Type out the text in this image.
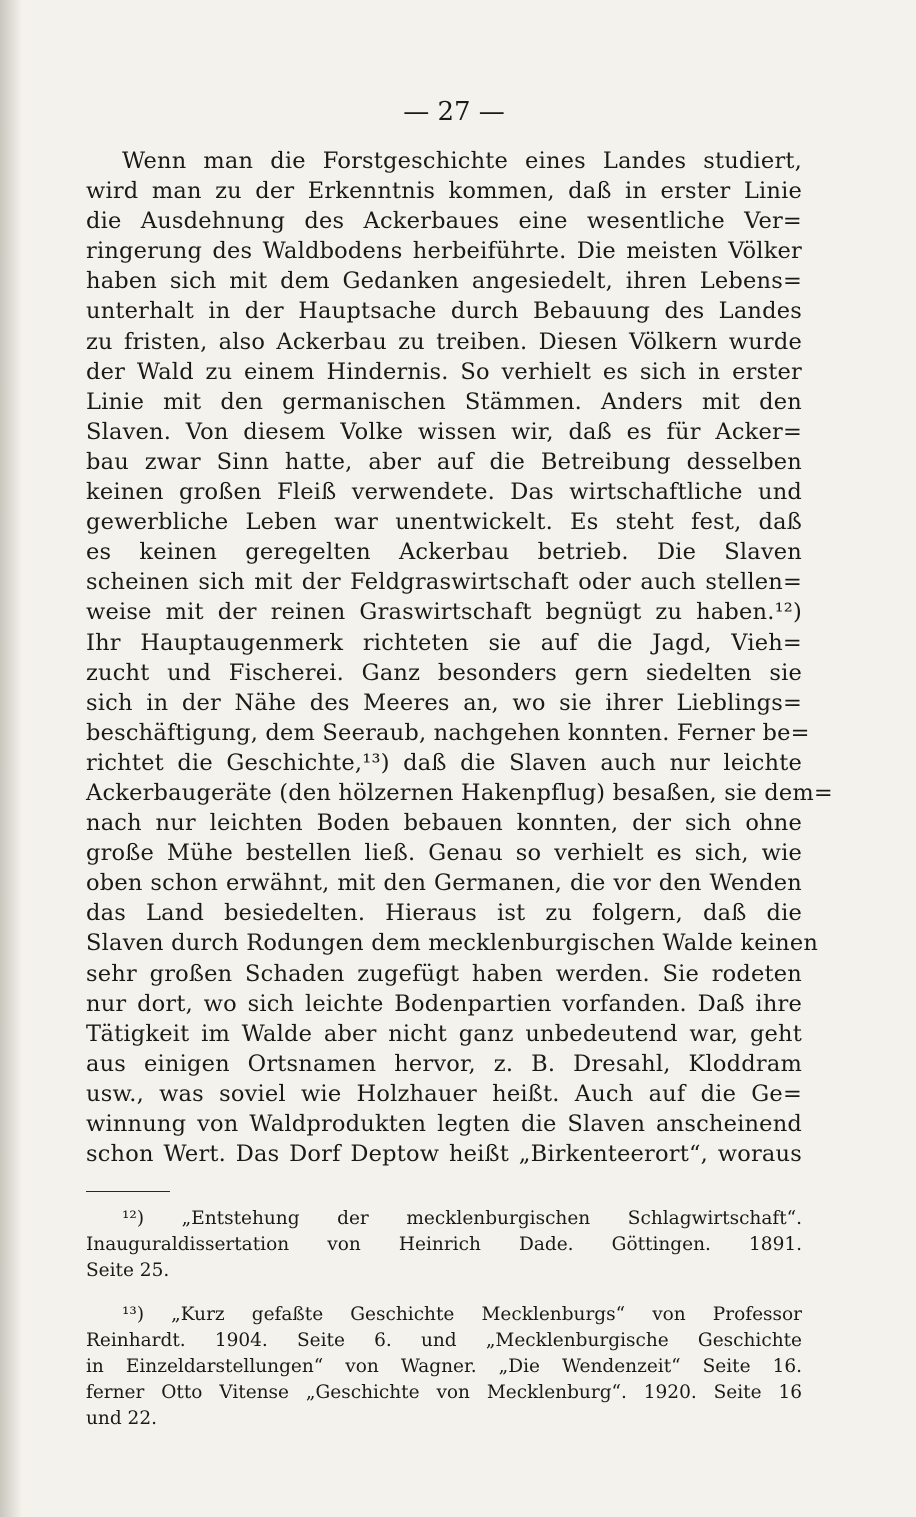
— 27 —
Wenn man die Forstgeschichte eines Landes studiert,
wird man zu der Erkenntnis kommen, daß in erster Linie
die Ausdehnung des Ackerbaues eine wesentliche Ver=
ringerung des Waldbodens herbeiführte. Die meisten Völker
haben sich mit dem Gedanken angesiedelt, ihren Lebens=
unterhalt in der Hauptsache durch Bebauung des Landes
zu fristen, also Ackerbau zu treiben. Diesen Völkern wurde
der Wald zu einem Hindernis. So verhielt es sich in erster
Linie mit den germanischen Stämmen. Anders mit den
Slaven. Von diesem Volke wissen wir, daß es für Acker=
bau zwar Sinn hatte, aber auf die Betreibung desselben
keinen großen Fleiß verwendete. Das wirtschaftliche und
gewerbliche Leben war unentwickelt. Es steht fest, daß
es keinen geregelten Ackerbau betrieb. Die Slaven
scheinen sich mit der Feldgraswirtschaft oder auch stellen=
weise mit der reinen Graswirtschaft begnügt zu haben.¹²)
Ihr Hauptaugenmerk richteten sie auf die Jagd, Vieh=
zucht und Fischerei. Ganz besonders gern siedelten sie
sich in der Nähe des Meeres an, wo sie ihrer Lieblings=
beschäftigung, dem Seeraub, nachgehen konnten. Ferner be=
richtet die Geschichte,¹³) daß die Slaven auch nur leichte
Ackerbaugeräte (den hölzernen Hakenpflug) besaßen, sie dem=
nach nur leichten Boden bebauen konnten, der sich ohne
große Mühe bestellen ließ. Genau so verhielt es sich, wie
oben schon erwähnt, mit den Germanen, die vor den Wenden
das Land besiedelten. Hieraus ist zu folgern, daß die
Slaven durch Rodungen dem mecklenburgischen Walde keinen
sehr großen Schaden zugefügt haben werden. Sie rodeten
nur dort, wo sich leichte Bodenpartien vorfanden. Daß ihre
Tätigkeit im Walde aber nicht ganz unbedeutend war, geht
aus einigen Ortsnamen hervor, z. B. Dresahl, Kloddram
usw., was soviel wie Holzhauer heißt. Auch auf die Ge=
winnung von Waldprodukten legten die Slaven anscheinend
schon Wert. Das Dorf Deptow heißt „Birkenteerort“, woraus
¹²) „Entstehung der mecklenburgischen Schlagwirtschaft“.
Inauguraldissertation von Heinrich Dade. Göttingen. 1891.
Seite 25.
¹³) „Kurz gefaßte Geschichte Mecklenburgs“ von Professor
Reinhardt. 1904. Seite 6. und „Mecklenburgische Geschichte
in Einzeldarstellungen“ von Wagner. „Die Wendenzeit“ Seite 16.
ferner Otto Vitense „Geschichte von Mecklenburg“. 1920. Seite 16
und 22.
